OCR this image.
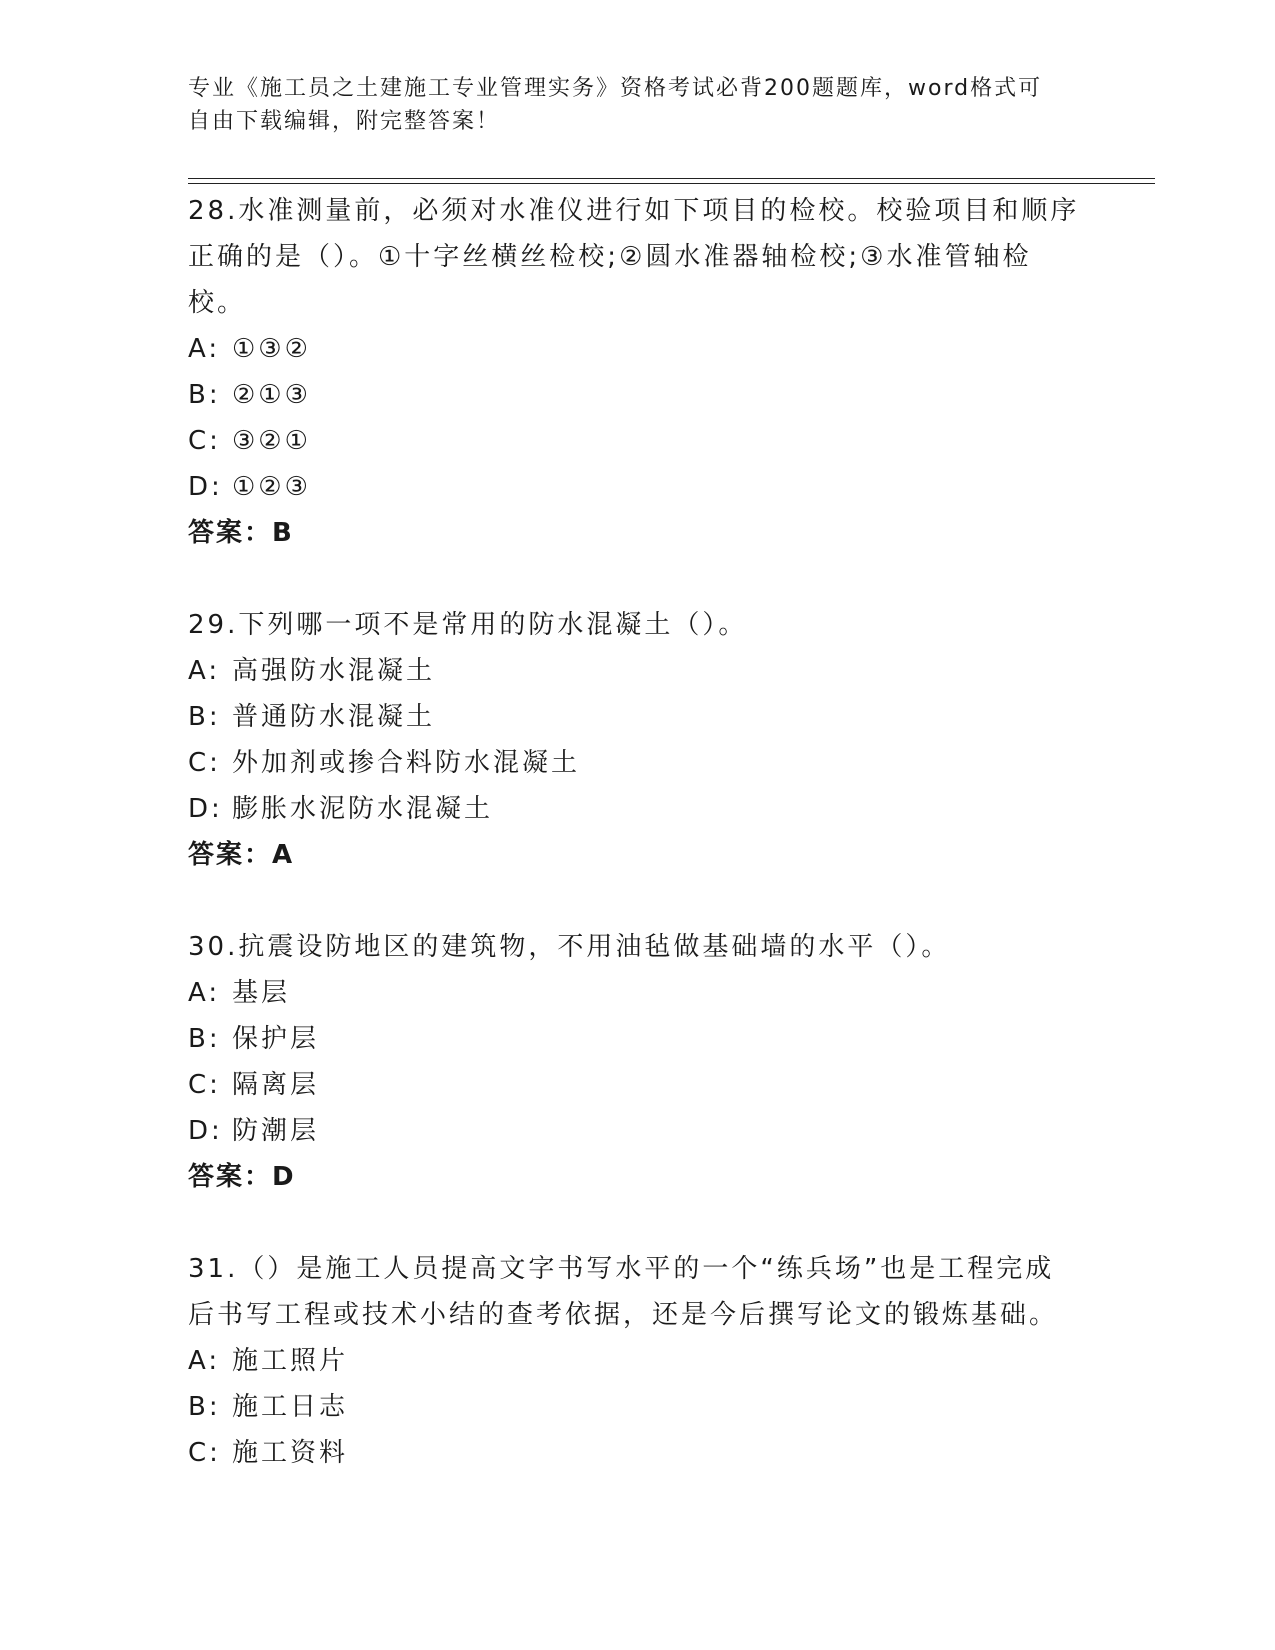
专业《施工员之土建施工专业管理实务》资格考试必背200题题库，word格式可
自由下载编辑，附完整答案！
28.水准测量前，必须对水准仪进行如下项目的检校。校验项目和顺序
正确的是（）。①十字丝横丝检校;②圆水准器轴检校;③水准管轴检
校。
A: ①③②
B: ②①③
C: ③②①
D: ①②③
答案：B
29.下列哪一项不是常用的防水混凝土（）。
A: 高强防水混凝土
B: 普通防水混凝土
C: 外加剂或掺合料防水混凝土
D: 膨胀水泥防水混凝土
答案：A
30.抗震设防地区的建筑物，不用油毡做基础墙的水平（）。
A: 基层
B: 保护层
C: 隔离层
D: 防潮层
答案：D
31.（）是施工人员提高文字书写水平的一个“练兵场”也是工程完成
后书写工程或技术小结的查考依据，还是今后撰写论文的锻炼基础。
A: 施工照片
B: 施工日志
C: 施工资料
